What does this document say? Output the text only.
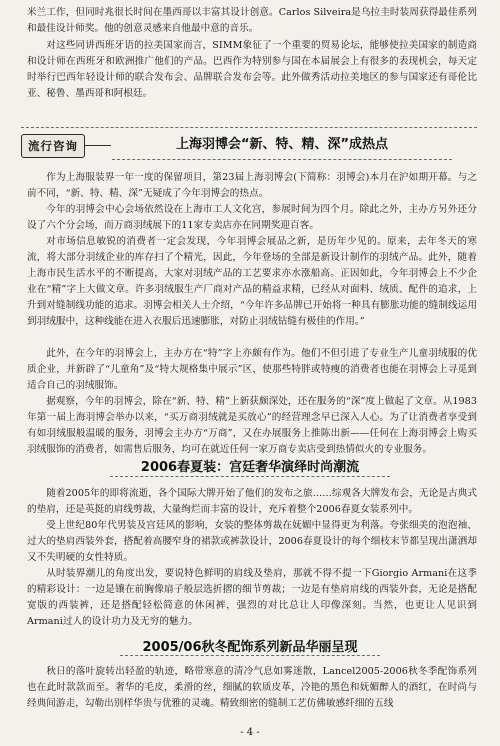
米兰工作，但同时兆很长时间在墨西哥以丰富其设计创意。Carlos Silveira是乌拉圭时装周获得最佳系列和最佳设计师奖。他的创意灵感来自他最中意的音乐。

对这些同讲西班牙语的拉美国家而言，SIMM象征了一个重要的贸易论坛，能够使拉美国家的制造商和设计师在西班牙和欧洲推广他们的产品。巴西作为特别参与国在本届展会上有很多的表现机会，每天定时举行巴西年轻设计师的联合发布会、品牌联合发布会等。此外做秀活动拉美地区的参与国家还有哥伦比亚、秘鲁、墨西哥和阿根廷。

流行咨询	上海羽博会“新、特、精、深”成热点

作为上海服装界一年一度的保留项目，第23届上海羽博会(下简称：羽博会)本月在沪如期开幕。与之前不同，“新、特、精、深”无疑成了今年羽博会的热点。

今年的羽博会中心会场依然设在上海市工人文化宫，参展时间为四个月。除此之外，主办方另外还分设了六个分会场，而万商羽绒展下的11家专卖店亦在同期奖迎百客。

对市场信息敏锐的消费者一定会发现，今年羽博会展品之新，是历年少见的。原来，去年冬天的寒流，将大部分羽绒企业的库存扫了个精光，因此，今年登场的全部是新设计制作的羽绒产品。此外，随着上海市民生活水平的不断提高，大家对羽绒产品的工艺要求亦水涨船高。正因如此，今年羽博会上不少企业在“精”字上大做文章。许多羽绒服生产厂商对产品的精益求精，已经从对面料、绒质、配件的追求，上升到对缝制线功能的追求。羽博会相关人士介绍，“今年许多品牌已开始将一种具有膨胀功能的缝制线运用到羽绒服中，这种线能在进入衣服后迅速膨胀，对防止羽绒钻缝有极佳的作用。”

此外，在今年的羽博会上，主办方在“特”字上亦颇有作为。他们不但引进了专业生产儿童羽绒服的优质企业，并新辟了“儿童角”及“特大规格集中展示”区，使那些特胖或特瘦的消费者也能在羽博会上寻觅到适合自己的羽绒服饰。

据观察，今年的羽博会，除在“新、特、精”上新获颇深处，还在服务的“深”度上做起了文章。从1983年第一届上海羽博会举办以来，“买万商羽绒就是买放心”的经营理念早已深入人心。为了让消费者享受到有如羽绒服般温暖的服务，羽博会主办方“万商”，又在办展服务上推陈出新——任何在上海羽博会上购买羽绒服饰的消费者，如需售后服务，均可在就近任何一家万商专卖店受到热情似火的专业服务。

2006春夏装：宫廷奢华演绎时尚潮流

随着2005年的即将流逝，各个国际大牌开始了他们的发布之旅……综观各大牌发布会，无论是古典式的垫肩，还是英挺的肩线剪裁，大量绚烂而丰富的设计，充斥着整个2006春夏女装系列中。

受上世纪80年代男装及宫廷风的影响，女装的整体剪裁在妩媚中显得更为利落。夸张细美的泡泡袖、过大的垫肩西装外套，搭配着高腰窄身的裙款或裤款设计，2006春夏设计的每个细枝末节都呈现出潇洒却又不失明硬的女性特质。

从时装界潮儿的角度出发，要说特色鲜明的肩线及垫肩，那就不得不提一下Giorgio Armani在这季的精彩设计：一边是镶在前胸像扇子般层选折摺的细节剪裁；一边是有垫肩肩线的西装外套，无论是搭配宽版的西装裤，还是搭配轻松简意的休闲裤，强烈的对比总让人印像深刻。当然，也更让人见识到Armani过人的设计功力及无穷的魅力。

2005/06秋冬配饰系列新品华丽呈现

秋日的落叶旋转出轻盈的轨迹，略带寒意的清冷气息如雾迷散，Lancel2005-2006秋冬季配饰系列也在此时款款而至。奢华的毛皮，柔滑的丝，细腻的软质皮革，冷艳的黑色和妩媚醉人的酒红，在时尚与经典间游走，勾勒出别样华贵与优雅的灵魂。精致细密的缝制工艺仿佛敏感纤细的五线

- 4 -
